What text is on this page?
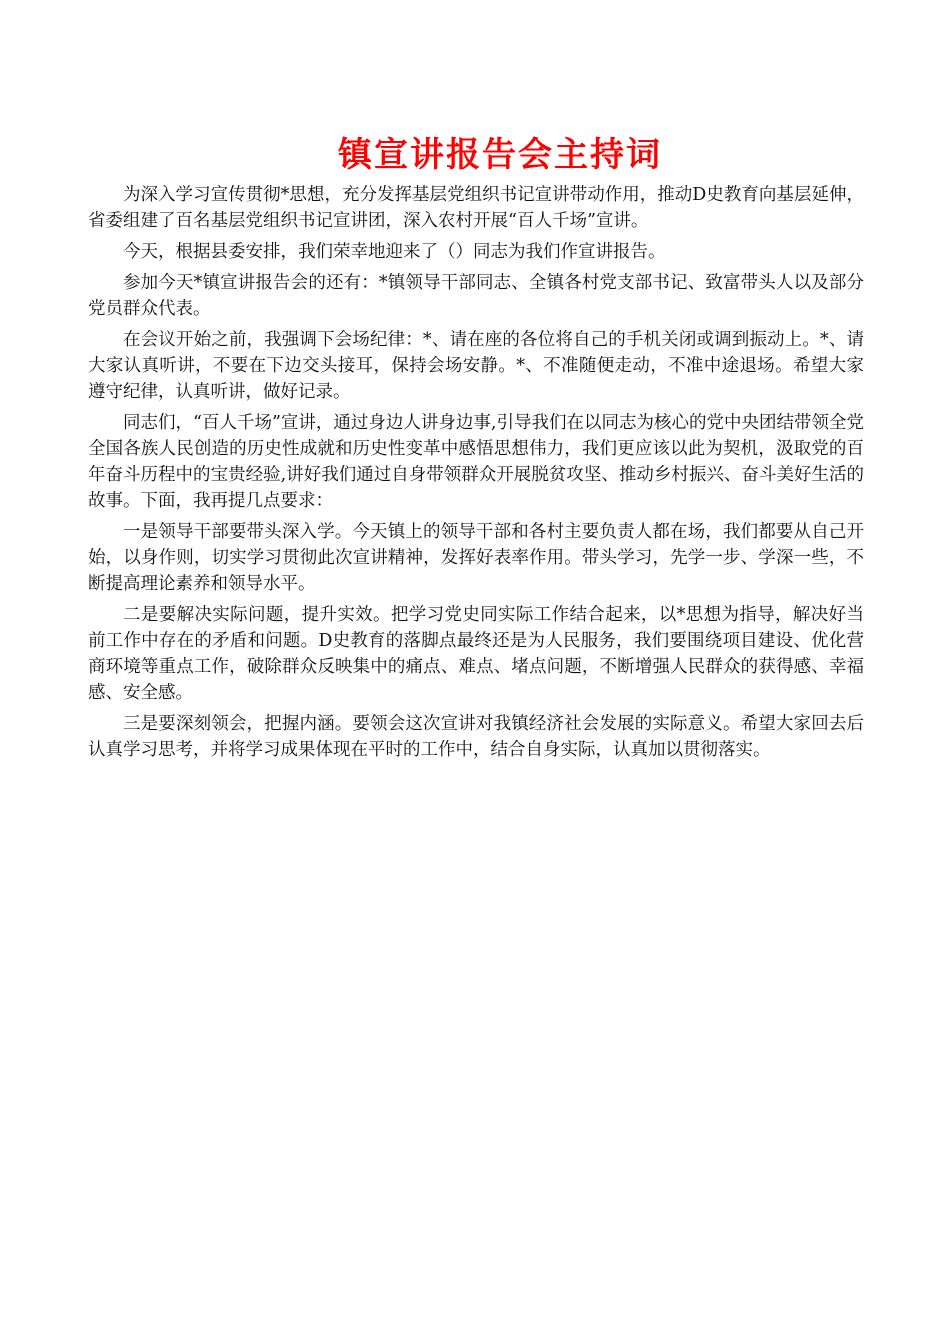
镇宣讲报告会主持词

为深入学习宣传贯彻*思想，充分发挥基层党组织书记宣讲带动作用，推动D史教育向基层延伸，省委组建了百名基层党组织书记宣讲团，深入农村开展“百人千场”宣讲。

今天，根据县委安排，我们荣幸地迎来了（）同志为我们作宣讲报告。

参加今天*镇宣讲报告会的还有：*镇领导干部同志、全镇各村党支部书记、致富带头人以及部分党员群众代表。

在会议开始之前，我强调下会场纪律：*、请在座的各位将自己的手机关闭或调到振动上。*、请大家认真听讲，不要在下边交头接耳，保持会场安静。*、不准随便走动，不准中途退场。希望大家遵守纪律，认真听讲，做好记录。

同志们，“百人千场”宣讲，通过身边人讲身边事,引导我们在以同志为核心的党中央团结带领全党全国各族人民创造的历史性成就和历史性变革中感悟思想伟力，我们更应该以此为契机，汲取党的百年奋斗历程中的宝贵经验,讲好我们通过自身带领群众开展脱贫攻坚、推动乡村振兴、奋斗美好生活的故事。下面，我再提几点要求：

一是领导干部要带头深入学。今天镇上的领导干部和各村主要负责人都在场，我们都要从自己开始，以身作则，切实学习贯彻此次宣讲精神，发挥好表率作用。带头学习，先学一步、学深一些，不断提高理论素养和领导水平。

二是要解决实际问题，提升实效。把学习党史同实际工作结合起来，以*思想为指导，解决好当前工作中存在的矛盾和问题。D史教育的落脚点最终还是为人民服务，我们要围绕项目建设、优化营商环境等重点工作，破除群众反映集中的痛点、难点、堵点问题，不断增强人民群众的获得感、幸福感、安全感。

三是要深刻领会，把握内涵。要领会这次宣讲对我镇经济社会发展的实际意义。希望大家回去后认真学习思考，并将学习成果体现在平时的工作中，结合自身实际，认真加以贯彻落实。
